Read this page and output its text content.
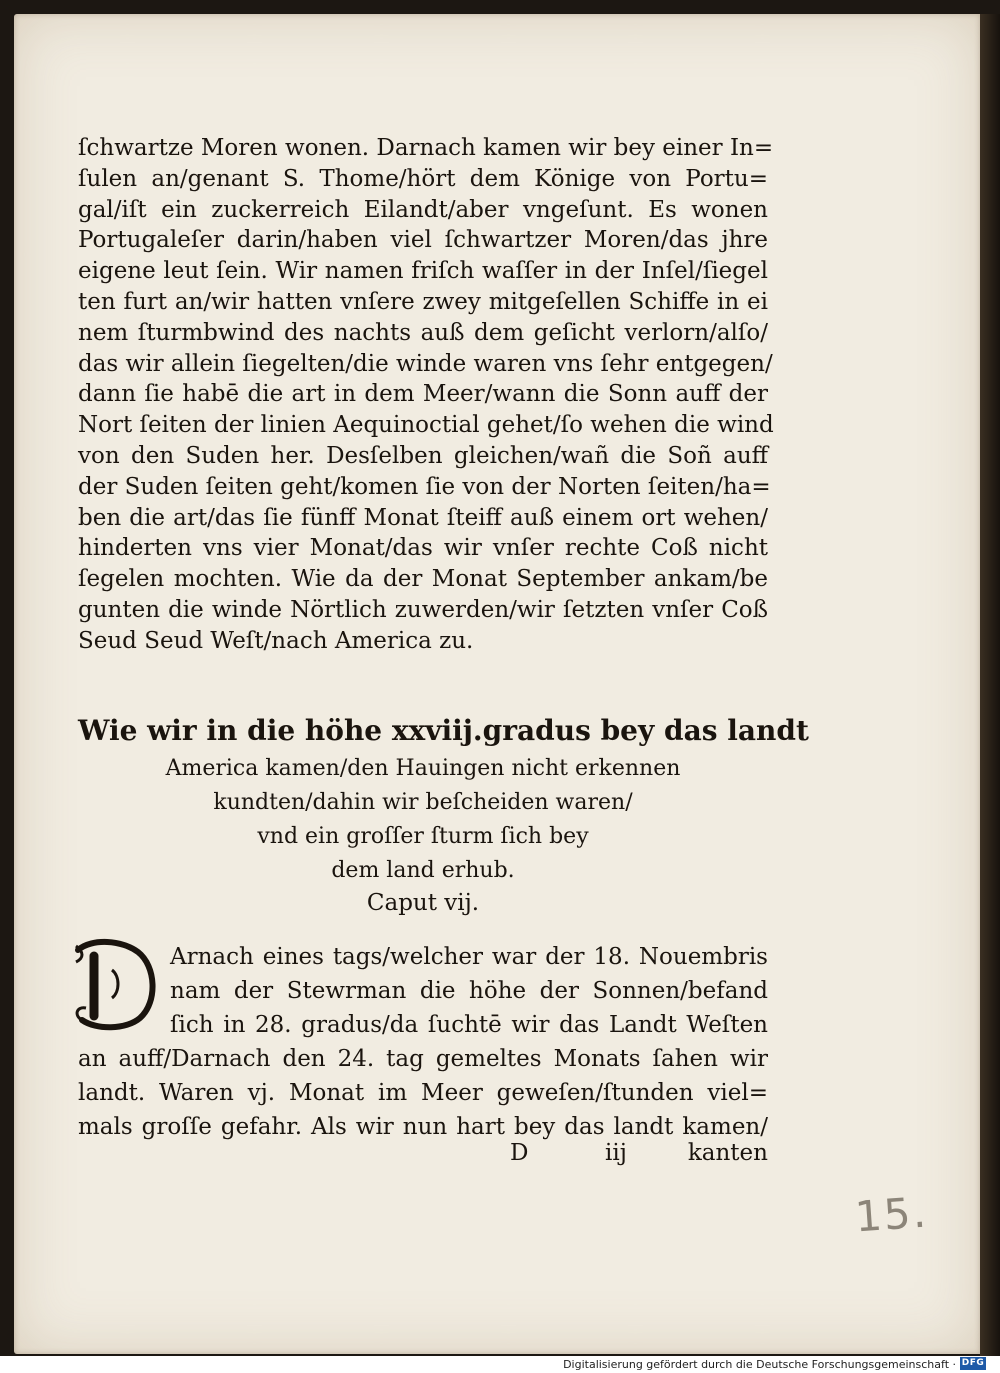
ſchwartze Moren wonen. Darnach kamen wir bey einer In=
ſulen an/genant S. Thome/hört dem Könige von Portu=
gal/iſt ein zuckerreich Eilandt/aber vngeſunt. Es wonen
Portugaleſer darin/haben viel ſchwartzer Moren/das jhre
eigene leut ſein. Wir namen friſch waſſer in der Inſel/ſiegel
ten furt an/wir hatten vnſere zwey mitgeſellen Schiffe in ei
nem ſturmbwind des nachts auß dem geſicht verlorn/alſo/
das wir allein ſiegelten/die winde waren vns ſehr entgegen/
dann ſie habē die art in dem Meer/wann die Sonn auff der
Nort ſeiten der linien Aequinoctial gehet/ſo wehen die wind
von den Suden her. Desſelben gleichen/wañ die Soñ auff
der Suden ſeiten geht/komen ſie von der Norten ſeiten/ha=
ben die art/das ſie fünff Monat ſteiff auß einem ort wehen/
hinderten vns vier Monat/das wir vnſer rechte Coß nicht
ſegelen mochten. Wie da der Monat September ankam/be
gunten die winde Nörtlich zuwerden/wir ſetzten vnſer Coß
Seud Seud Weſt/nach America zu.
Wie wir in die höhe xxviij.gradus bey das landt
America kamen/den Hauingen nicht erkennen
kundten/dahin wir beſcheiden waren/
vnd ein groſſer ſturm ſich bey
dem land erhub.
Caput vij.
Arnach eines tags/welcher war der 18. Nouembris
nam der Stewrman die höhe der Sonnen/befand
ſich in 28. gradus/da ſuchtē wir das Landt Weſten
an auff/Darnach den 24. tag gemeltes Monats ſahen wir
landt. Waren vj. Monat im Meer geweſen/ſtunden viel=
mals groſſe gefahr. Als wir nun hart bey das landt kamen/
D	iij	kanten
15.
Digitalisierung gefördert durch die Deutsche Forschungsgemeinschaft · DFG
